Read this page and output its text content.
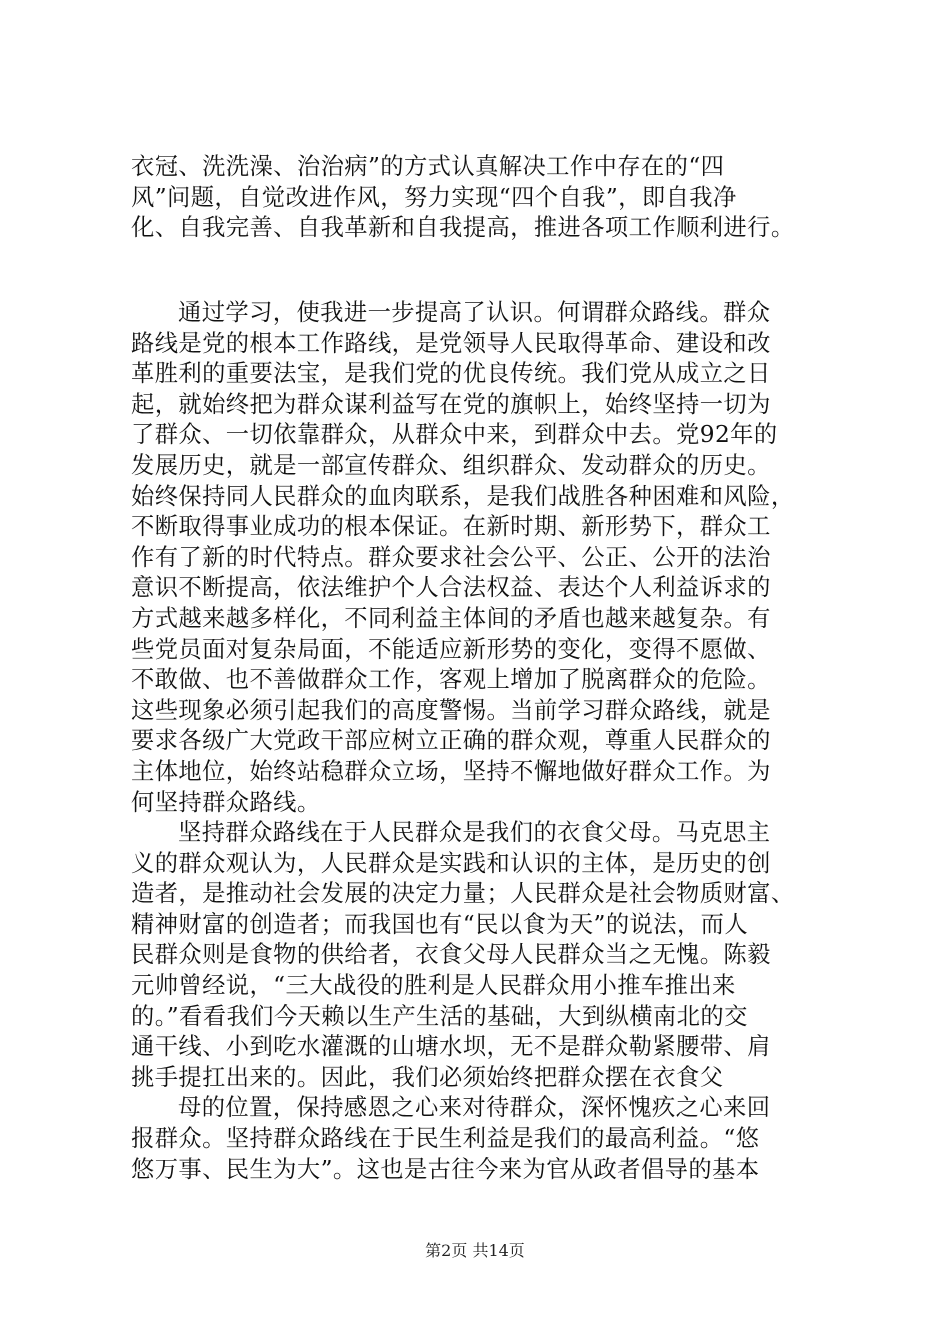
衣冠、洗洗澡、治治病”的方式认真解决工作中存在的“四
风”问题，自觉改进作风，努力实现“四个自我”，即自我净
化、自我完善、自我革新和自我提高，推进各项工作顺利进行。
通过学习，使我进一步提高了认识。何谓群众路线。群众
路线是党的根本工作路线，是党领导人民取得革命、建设和改
革胜利的重要法宝，是我们党的优良传统。我们党从成立之日
起，就始终把为群众谋利益写在党的旗帜上，始终坚持一切为
了群众、一切依靠群众，从群众中来，到群众中去。党92年的
发展历史，就是一部宣传群众、组织群众、发动群众的历史。
始终保持同人民群众的血肉联系，是我们战胜各种困难和风险，
不断取得事业成功的根本保证。在新时期、新形势下，群众工
作有了新的时代特点。群众要求社会公平、公正、公开的法治
意识不断提高，依法维护个人合法权益、表达个人利益诉求的
方式越来越多样化，不同利益主体间的矛盾也越来越复杂。有
些党员面对复杂局面，不能适应新形势的变化，变得不愿做、
不敢做、也不善做群众工作，客观上增加了脱离群众的危险。
这些现象必须引起我们的高度警惕。当前学习群众路线，就是
要求各级广大党政干部应树立正确的群众观，尊重人民群众的
主体地位，始终站稳群众立场，坚持不懈地做好群众工作。为
何坚持群众路线。
坚持群众路线在于人民群众是我们的衣食父母。马克思主
义的群众观认为，人民群众是实践和认识的主体，是历史的创
造者，是推动社会发展的决定力量；人民群众是社会物质财富、
精神财富的创造者；而我国也有“民以食为天”的说法，而人
民群众则是食物的供给者，衣食父母人民群众当之无愧。陈毅
元帅曾经说，“三大战役的胜利是人民群众用小推车推出来
的。”看看我们今天赖以生产生活的基础，大到纵横南北的交
通干线、小到吃水灌溉的山塘水坝，无不是群众勒紧腰带、肩
挑手提扛出来的。因此，我们必须始终把群众摆在衣食父
母的位置，保持感恩之心来对待群众，深怀愧疚之心来回
报群众。坚持群众路线在于民生利益是我们的最高利益。“悠
悠万事、民生为大”。这也是古往今来为官从政者倡导的基本
第2页 共14页
